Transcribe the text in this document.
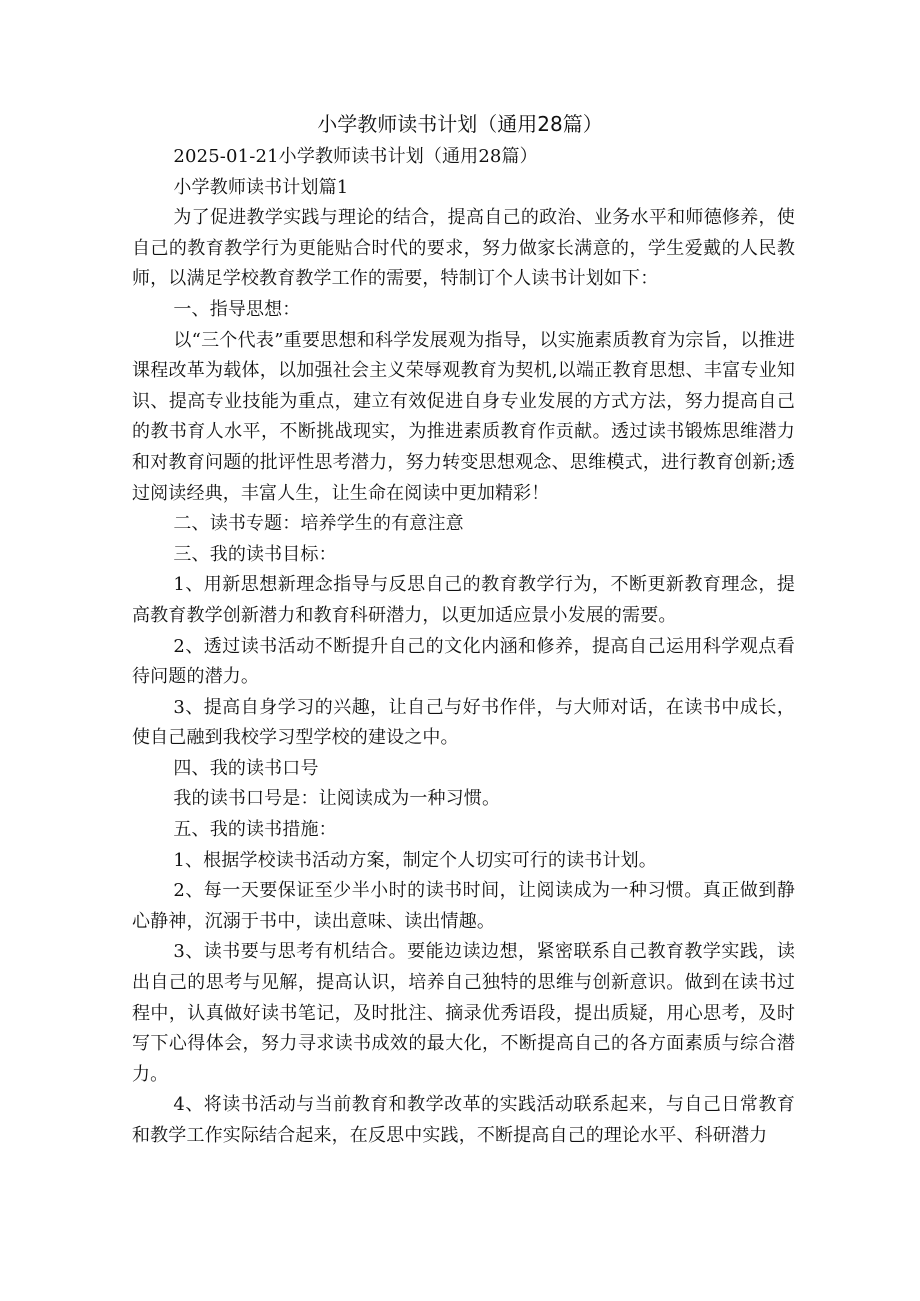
小学教师读书计划（通用28篇）

2025-01-21小学教师读书计划（通用28篇）

小学教师读书计划篇1

为了促进教学实践与理论的结合，提高自己的政治、业务水平和师德修养，使自己的教育教学行为更能贴合时代的要求，努力做家长满意的，学生爱戴的人民教师，以满足学校教育教学工作的需要，特制订个人读书计划如下：

一、指导思想：

以“三个代表”重要思想和科学发展观为指导，以实施素质教育为宗旨，以推进课程改革为载体，以加强社会主义荣辱观教育为契机,以端正教育思想、丰富专业知识、提高专业技能为重点，建立有效促进自身专业发展的方式方法，努力提高自己的教书育人水平，不断挑战现实，为推进素质教育作贡献。透过读书锻炼思维潜力和对教育问题的批评性思考潜力，努力转变思想观念、思维模式，进行教育创新;透过阅读经典，丰富人生，让生命在阅读中更加精彩！

二、读书专题：培养学生的有意注意

三、我的读书目标：

1、用新思想新理念指导与反思自己的教育教学行为，不断更新教育理念，提高教育教学创新潜力和教育科研潜力，以更加适应景小发展的需要。

2、透过读书活动不断提升自己的文化内涵和修养，提高自己运用科学观点看待问题的潜力。

3、提高自身学习的兴趣，让自己与好书作伴，与大师对话，在读书中成长，使自己融到我校学习型学校的建设之中。

四、我的读书口号

我的读书口号是：让阅读成为一种习惯。

五、我的读书措施：

1、根据学校读书活动方案，制定个人切实可行的读书计划。

2、每一天要保证至少半小时的读书时间，让阅读成为一种习惯。真正做到静心静神，沉溺于书中，读出意味、读出情趣。

3、读书要与思考有机结合。要能边读边想，紧密联系自己教育教学实践，读出自己的思考与见解，提高认识，培养自己独特的思维与创新意识。做到在读书过程中，认真做好读书笔记，及时批注、摘录优秀语段，提出质疑，用心思考，及时写下心得体会，努力寻求读书成效的最大化，不断提高自己的各方面素质与综合潜力。

4、将读书活动与当前教育和教学改革的实践活动联系起来，与自己日常教育和教学工作实际结合起来，在反思中实践，不断提高自己的理论水平、科研潜力
